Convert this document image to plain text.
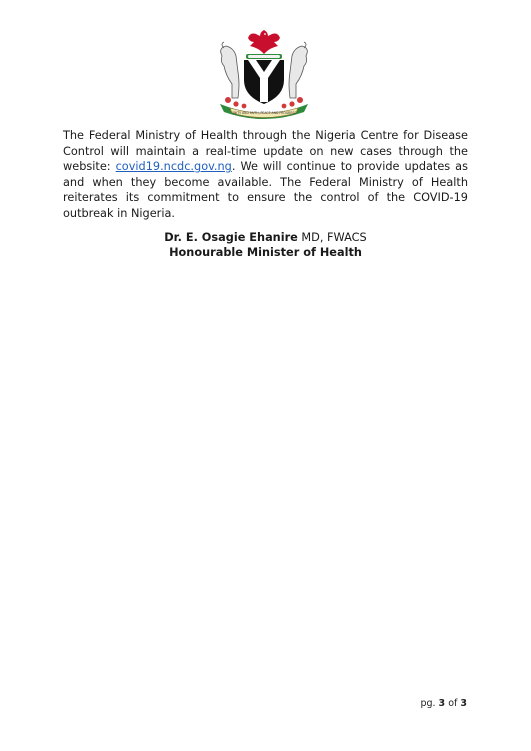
UNITY AND FAITH, PEACE AND PROGRESS
The Federal Ministry of Health through the Nigeria Centre for Disease Control will maintain a real-time update on new cases through the website: covid19.ncdc.gov.ng. We will continue to provide updates as and when they become available. The Federal Ministry of Health reiterates its commitment to ensure the control of the COVID-19 outbreak in Nigeria.
Dr. E. Osagie Ehanire MD, FWACS
Honourable Minister of Health
pg. 3 of 3
